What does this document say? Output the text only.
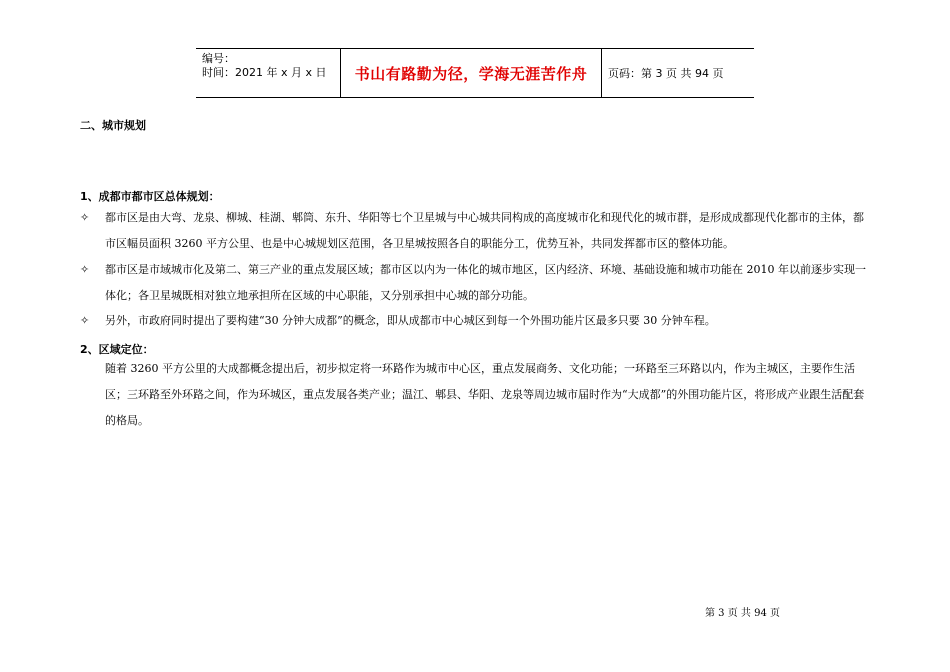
编号：
时间：2021 年 x 月 x 日	书山有路勤为径，学海无涯苦作舟	页码：第 3 页 共 94 页
二、城市规划
1、成都市都市区总体规划：
✧	都市区是由大弯、龙泉、柳城、桂湖、郫筒、东升、华阳等七个卫星城与中心城共同构成的高度城市化和现代化的城市群，是形成成都现代化都市的主体，都市区幅员面积 3260 平方公里、也是中心城规划区范围，各卫星城按照各自的职能分工，优势互补，共同发挥都市区的整体功能。
✧	都市区是市域城市化及第二、第三产业的重点发展区域；都市区以内为一体化的城市地区，区内经济、环境、基础设施和城市功能在 2010 年以前逐步实现一体化；各卫星城既相对独立地承担所在区域的中心职能，又分别承担中心城的部分功能。
✧	另外，市政府同时提出了要构建“30 分钟大成都”的概念，即从成都市中心城区到每一个外围功能片区最多只要 30 分钟车程。
2、区域定位：
随着 3260 平方公里的大成都概念提出后，初步拟定将一环路作为城市中心区，重点发展商务、文化功能；一环路至三环路以内，作为主城区，主要作生活区；三环路至外环路之间，作为环城区，重点发展各类产业；温江、郫县、华阳、龙泉等周边城市届时作为“大成都”的外围功能片区，将形成产业跟生活配套的格局。
第 3 页 共 94 页
